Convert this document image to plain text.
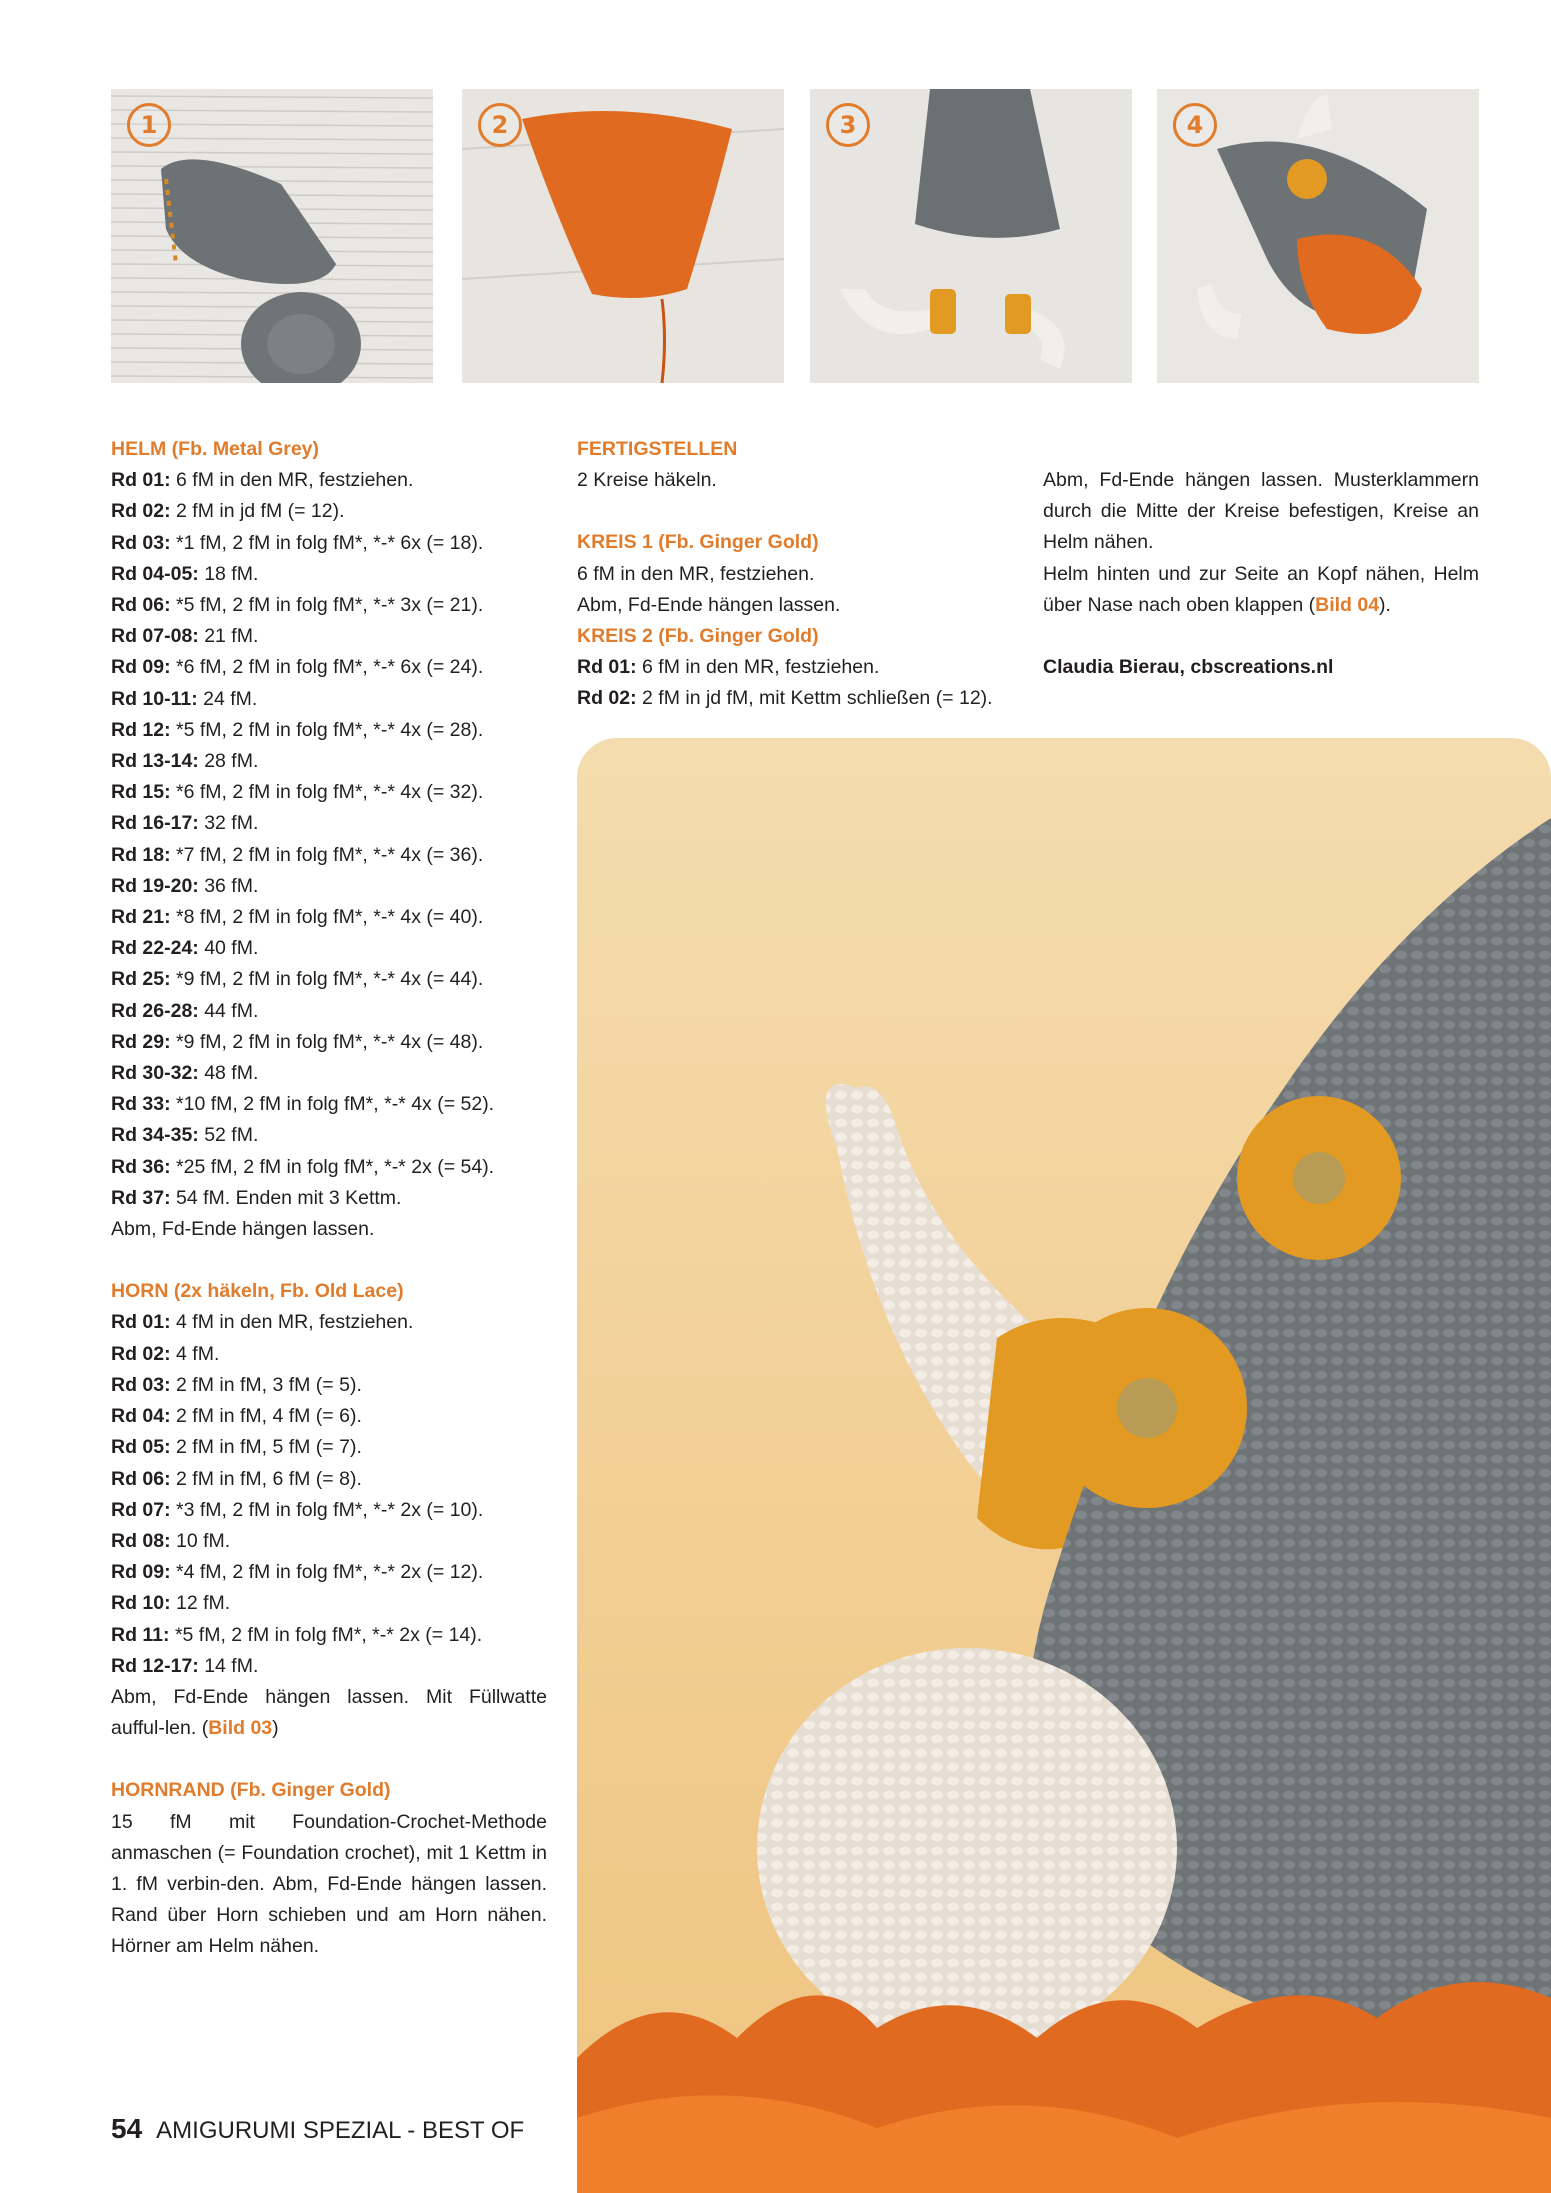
1	2	3	4

HELM (Fb. Metal Grey)

Rd 01: 6 fM in den MR, festziehen.

Rd 02: 2 fM in jd fM (= 12).

Rd 03: *1 fM, 2 fM in folg fM*, *-* 6x (= 18).

Rd 04-05: 18 fM.

Rd 06: *5 fM, 2 fM in folg fM*, *-* 3x (= 21).

Rd 07-08: 21 fM.

Rd 09: *6 fM, 2 fM in folg fM*, *-* 6x (= 24).

Rd 10-11: 24 fM.

Rd 12: *5 fM, 2 fM in folg fM*, *-* 4x (= 28).

Rd 13-14: 28 fM.

Rd 15: *6 fM, 2 fM in folg fM*, *-* 4x (= 32).

Rd 16-17: 32 fM.

Rd 18: *7 fM, 2 fM in folg fM*, *-* 4x (= 36).

Rd 19-20: 36 fM.

Rd 21: *8 fM, 2 fM in folg fM*, *-* 4x (= 40).

Rd 22-24: 40 fM.

Rd 25: *9 fM, 2 fM in folg fM*, *-* 4x (= 44).

Rd 26-28: 44 fM.

Rd 29: *9 fM, 2 fM in folg fM*, *-* 4x (= 48).

Rd 30-32: 48 fM.

Rd 33: *10 fM, 2 fM in folg fM*, *-* 4x (= 52).

Rd 34-35: 52 fM.

Rd 36: *25 fM, 2 fM in folg fM*, *-* 2x (= 54).

Rd 37: 54 fM. Enden mit 3 Kettm.

Abm, Fd-Ende hängen lassen.

HORN (2x häkeln, Fb. Old Lace)

Rd 01: 4 fM in den MR, festziehen.

Rd 02: 4 fM.

Rd 03: 2 fM in fM, 3 fM (= 5).

Rd 04: 2 fM in fM, 4 fM (= 6).

Rd 05: 2 fM in fM, 5 fM (= 7).

Rd 06: 2 fM in fM, 6 fM (= 8).

Rd 07: *3 fM, 2 fM in folg fM*, *-* 2x (= 10).

Rd 08: 10 fM.

Rd 09: *4 fM, 2 fM in folg fM*, *-* 2x (= 12).

Rd 10: 12 fM.

Rd 11: *5 fM, 2 fM in folg fM*, *-* 2x (= 14).

Rd 12-17: 14 fM.

Abm, Fd-Ende hängen lassen. Mit Füllwatte aufful-len. (Bild 03)

HORNRAND (Fb. Ginger Gold)

15 fM mit Foundation-Crochet-Methode anmaschen (= Foundation crochet), mit 1 Kettm in 1. fM verbin-den. Abm, Fd-Ende hängen lassen. Rand über Horn schieben und am Horn nähen. Hörner am Helm nähen.

FERTIGSTELLEN

2 Kreise häkeln.

KREIS 1 (Fb. Ginger Gold)

6 fM in den MR, festziehen.

Abm, Fd-Ende hängen lassen.

KREIS 2 (Fb. Ginger Gold)

Rd 01: 6 fM in den MR, festziehen.

Rd 02: 2 fM in jd fM, mit Kettm schließen (= 12).

Abm, Fd-Ende hängen lassen. Musterklammern durch die Mitte der Kreise befestigen, Kreise an Helm nähen.

Helm hinten und zur Seite an Kopf nähen, Helm über Nase nach oben klappen (Bild 04).

Claudia Bierau, cbscreations.nl

54 AMIGURUMI SPEZIAL - BEST OF
